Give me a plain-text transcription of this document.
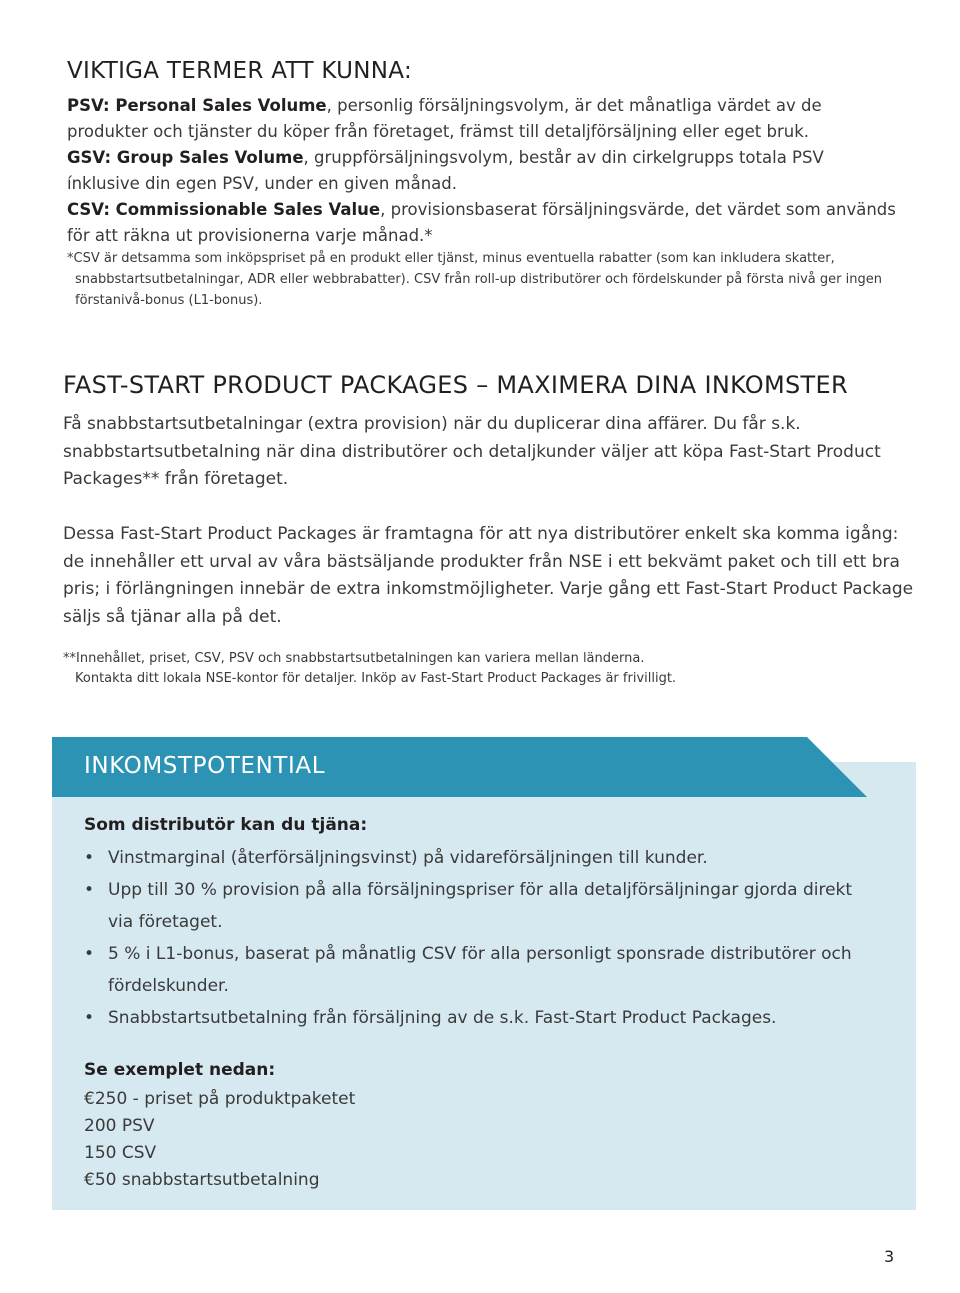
VIKTIGA TERMER ATT KUNNA:

PSV: Personal Sales Volume, personlig försäljningsvolym, är det månatliga värdet av de produkter och tjänster du köper från företaget, främst till detaljförsäljning eller eget bruk.

GSV: Group Sales Volume, gruppförsäljningsvolym, består av din cirkelgrupps totala PSV ínklusive din egen PSV, under en given månad.

CSV: Commissionable Sales Value, provisionsbaserat försäljningsvärde, det värdet som används för att räkna ut provisionerna varje månad.*

*CSV är detsamma som inköpspriset på en produkt eller tjänst, minus eventuella rabatter (som kan inkludera skatter,
snabbstartsutbetalningar, ADR eller webbrabatter). CSV från roll-up distributörer och fördelskunder på första nivå ger ingen förstanivå-bonus (L1-bonus).

FAST-START PRODUCT PACKAGES – MAXIMERA DINA INKOMSTER

Få snabbstartsutbetalningar (extra provision) när du duplicerar dina affärer. Du får s.k. snabbstartsutbetalning när dina distributörer och detaljkunder väljer att köpa Fast-Start Product Packages** från företaget.

Dessa Fast-Start Product Packages är framtagna för att nya distributörer enkelt ska komma igång: de innehåller ett urval av våra bästsäljande produkter från NSE i ett bekvämt paket och till ett bra pris; i förlängningen innebär de extra inkomstmöjligheter. Varje gång ett Fast-Start Product Package säljs så tjänar alla på det.

**Innehållet, priset, CSV, PSV och snabbstartsutbetalningen kan variera mellan länderna.
Kontakta ditt lokala NSE-kontor för detaljer. Inköp av Fast-Start Product Packages är frivilligt.

INKOMSTPOTENTIAL

Som distributör kan du tjäna:

• Vinstmarginal (återförsäljningsvinst) på vidareförsäljningen till kunder.
• Upp till 30 % provision på alla försäljningspriser för alla detaljförsäljningar gjorda direkt via företaget.
• 5 % i L1-bonus, baserat på månatlig CSV för alla personligt sponsrade distributörer och fördelskunder.
• Snabbstartsutbetalning från försäljning av de s.k. Fast-Start Product Packages.

Se exemplet nedan:

€250 - priset på produktpaketet
200 PSV
150 CSV
€50 snabbstartsutbetalning

3
